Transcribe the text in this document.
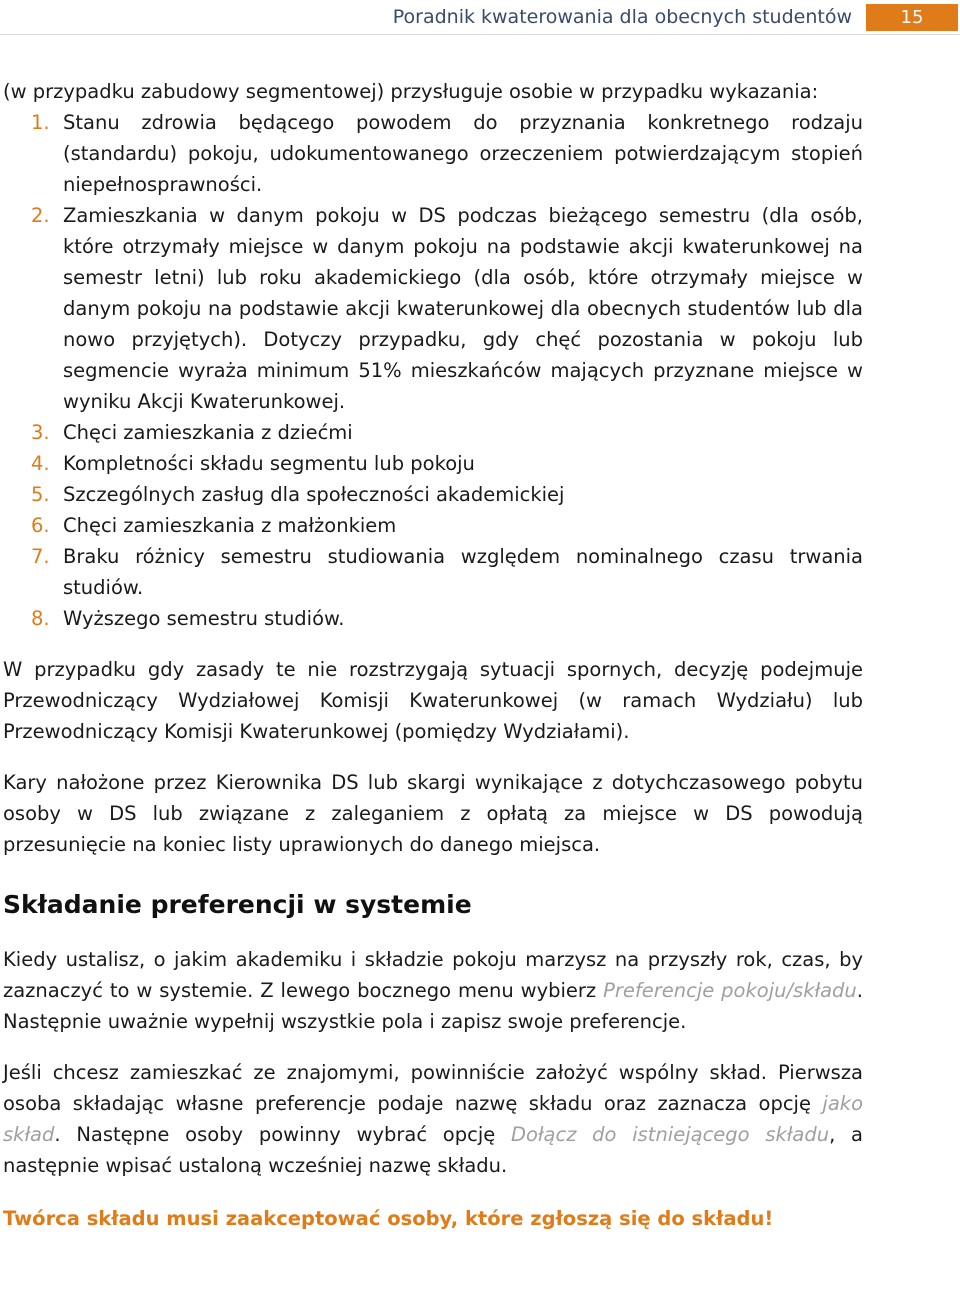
Poradnik kwaterowania dla obecnych studentów	15

(w przypadku zabudowy segmentowej) przysługuje osobie w przypadku wykazania:

1. Stanu zdrowia będącego powodem do przyznania konkretnego rodzaju (standardu) pokoju, udokumentowanego orzeczeniem potwierdzającym stopień niepełnosprawności.
2. Zamieszkania w danym pokoju w DS podczas bieżącego semestru (dla osób, które otrzymały miejsce w danym pokoju na podstawie akcji kwaterunkowej na semestr letni) lub roku akademickiego (dla osób, które otrzymały miejsce w danym pokoju na podstawie akcji kwaterunkowej dla obecnych studentów lub dla nowo przyjętych). Dotyczy przypadku, gdy chęć pozostania w pokoju lub segmencie wyraża minimum 51% mieszkańców mających przyznane miejsce w wyniku Akcji Kwaterunkowej.
3. Chęci zamieszkania z dziećmi
4. Kompletności składu segmentu lub pokoju
5. Szczególnych zasług dla społeczności akademickiej
6. Chęci zamieszkania z małżonkiem
7. Braku różnicy semestru studiowania względem nominalnego czasu trwania studiów.
8. Wyższego semestru studiów.

W przypadku gdy zasady te nie rozstrzygają sytuacji spornych, decyzję podejmuje Przewodniczący Wydziałowej Komisji Kwaterunkowej (w ramach Wydziału) lub Przewodniczący Komisji Kwaterunkowej (pomiędzy Wydziałami).

Kary nałożone przez Kierownika DS lub skargi wynikające z dotychczasowego pobytu osoby w DS lub związane z zaleganiem z opłatą za miejsce w DS powodują przesunięcie na koniec listy uprawionych do danego miejsca.

Składanie preferencji w systemie

Kiedy ustalisz, o jakim akademiku i składzie pokoju marzysz na przyszły rok, czas, by zaznaczyć to w systemie. Z lewego bocznego menu wybierz Preferencje pokoju/składu. Następnie uważnie wypełnij wszystkie pola i zapisz swoje preferencje.

Jeśli chcesz zamieszkać ze znajomymi, powinniście założyć wspólny skład. Pierwsza osoba składając własne preferencje podaje nazwę składu oraz zaznacza opcję jako skład. Następne osoby powinny wybrać opcję Dołącz do istniejącego składu, a następnie wpisać ustaloną wcześniej nazwę składu.

Twórca składu musi zaakceptować osoby, które zgłoszą się do składu!
